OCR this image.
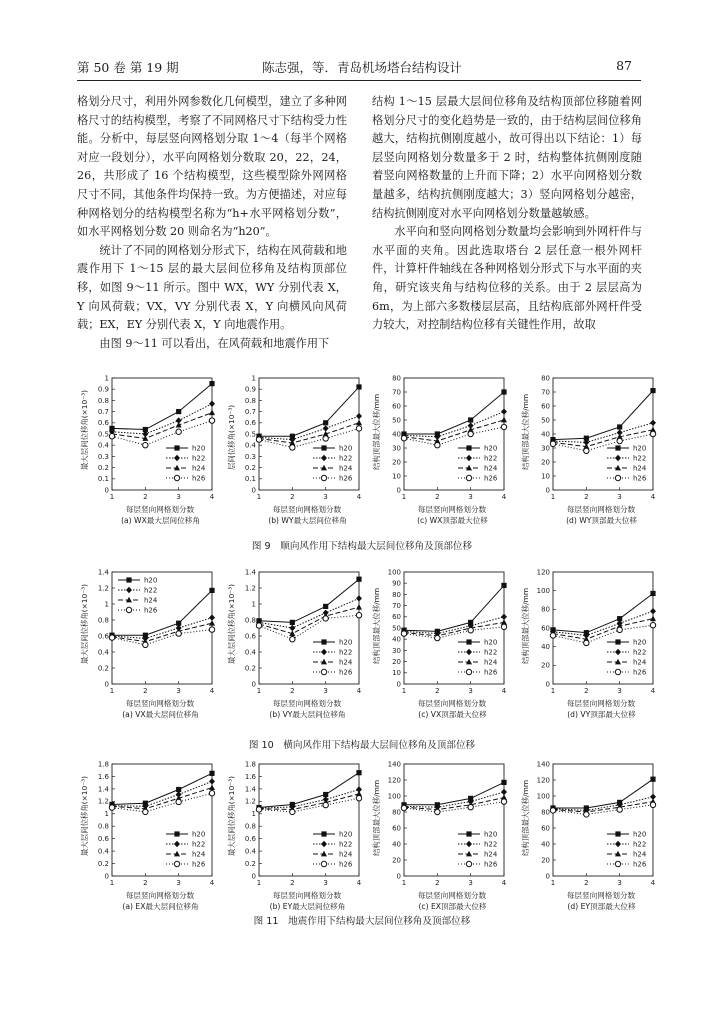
第 50 卷 第 19 期	陈志强，等．青岛机场塔台结构设计	87

格划分尺寸，利用外网参数化几何模型，建立了多种网格尺寸的结构模型，考察了不同网格尺寸下结构受力性能。分析中，每层竖向网格划分取 1～4（每半个网格对应一段划分），水平向网格划分数取 20，22，24，26，共形成了 16 个结构模型，这些模型除外网网格尺寸不同，其他条件均保持一致。为方便描述，对应每种网格划分的结构模型名称为“h+水平网格划分数”，如水平网格划分数 20 则命名为“h20”。

统计了不同的网格划分形式下，结构在风荷载和地震作用下 1～15 层的最大层间位移角及结构顶部位移，如图 9～11 所示。图中 WX，WY 分别代表 X，Y 向风荷载；VX，VY 分别代表 X，Y 向横风向风荷载；EX，EY 分别代表 X，Y 向地震作用。

由图 9～11 可以看出，在风荷载和地震作用下

结构 1～15 层最大层间位移角及结构顶部位移随着网格划分尺寸的变化趋势是一致的，由于结构层间位移角越大，结构抗侧刚度越小，故可得出以下结论：1）每层竖向网格划分数量多于 2 时，结构整体抗侧刚度随着竖向网格数量的上升而下降；2）水平向网格划分数量越多，结构抗侧刚度越大；3）竖向网格划分越密，结构抗侧刚度对水平向网格划分数量越敏感。

水平向和竖向网格划分数量均会影响到外网杆件与水平面的夹角。因此选取塔台 2 层任意一根外网杆件，计算杆件轴线在各种网格划分形式下与水平面的夹角，研究该夹角与结构位移的关系。由于 2 层层高为 6m，为上部六多数楼层层高，且结构底部外网杆件受力较大，对控制结构位移有关键性作用，故取

0
0.1
0.2
0.3
0.4
0.5
0.6
0.7
0.8
0.9
1
1	2	3	4
h20
h22
h24
h26
最大层间位移角(×10⁻³)
每层竖向网格划分数
(a) WX最大层间位移角
0
0.1
0.2
0.3
0.4
0.5
0.6
0.7
0.8
0.9
1
1	2	3	4
h20
h22
h24
h26
层间位移角(×10⁻³)
每层竖向网格划分数
(b) WY最大层间位移角
0
10
20
30
40
50
60
70
80
1	2	3	4
h20
h22
h24
h26
结构顶部最大位移/mm
每层竖向网格划分数
(c) WX顶部最大位移
0
10
20
30
40
50
60
70
80
1	2	3	4
h20
h22
h24
h26
结构顶部最大位移/mm
每层竖向网格划分数
(d) WY顶部最大位移
0
0.2
0.4
0.6
0.8
1
1.2
1.4
1	2	3	4
h20
h22
h24
h26
最大层间位移角(×10⁻³)
每层竖向网格划分数
(a) VX最大层间位移角
0
0.2
0.4
0.6
0.8
1
1.2
1.4
1	2	3	4
h20
h22
h24
h26
最大层间位移角(×10⁻³)
每层竖向网格划分数
(b) VY最大层间位移角
0
10
20
30
40
50
60
70
80
90
100
1	2	3	4
h20
h22
h24
h26
结构顶部最大位移/mm
每层竖向网格划分数
(c) VX顶部最大位移
0
20
40
60
80
100
120
1	2	3	4
h20
h22
h24
h26
结构顶部最大位移/mm
每层竖向网格划分数
(d) VY顶部最大位移
0
0.2
0.4
0.6
0.8
1
1.2
1.4
1.6
1.8
1	2	3	4
h20
h22
h24
h26
最大层间位移角(×10⁻³)
每层竖向网格划分数
(a) EX最大层间位移角
0
0.2
0.4
0.6
0.8
1
1.2
1.4
1.6
1.8
1	2	3	4
h20
h22
h24
h26
最大层间位移角(×10⁻³)
每层竖向网格划分数
(b) EY最大层间位移角
0
20
40
60
80
100
120
140
1	2	3	4
h20
h22
h24
h26
结构顶部最大位移/mm
每层竖向网格划分数
(c) EX顶部最大位移
0
20
40
60
80
100
120
140
1	2	3	4
h20
h22
h24
h26
结构顶部最大位移/mm
每层竖向网格划分数
(d) EY顶部最大位移
图 9　顺向风作用下结构最大层间位移角及顶部位移
图 10　横向风作用下结构最大层间位移角及顶部位移
图 11　地震作用下结构最大层间位移角及顶部位移
